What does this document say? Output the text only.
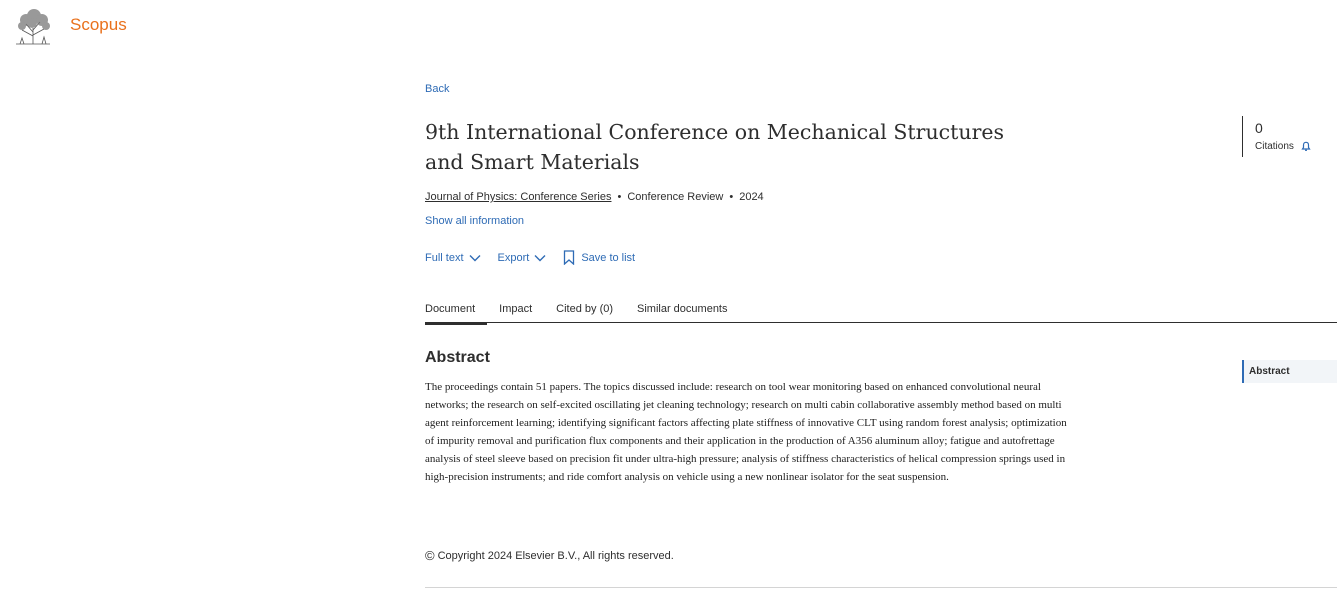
Scopus
Back
9th International Conference on Mechanical Structures and Smart Materials
Journal of Physics: Conference Series • Conference Review • 2024
Show all information
Full text	Export	Save to list
0
Citations
Document Impact Cited by (0) Similar documents
Abstract

The proceedings contain 51 papers. The topics discussed include: research on tool wear monitoring based on enhanced convolutional neural networks; the research on self-excited oscillating jet cleaning technology; research on multi cabin collaborative assembly method based on multi agent reinforcement learning; identifying significant factors affecting plate stiffness of innovative CLT using random forest analysis; optimization of impurity removal and purification flux components and their application in the production of A356 aluminum alloy; fatigue and autofrettage analysis of steel sleeve based on precision fit under ultra-high pressure; analysis of stiffness characteristics of helical compression springs used in high-precision instruments; and ride comfort analysis on vehicle using a new nonlinear isolator for the seat suspension.

Abstract
© Copyright 2024 Elsevier B.V., All rights reserved.
